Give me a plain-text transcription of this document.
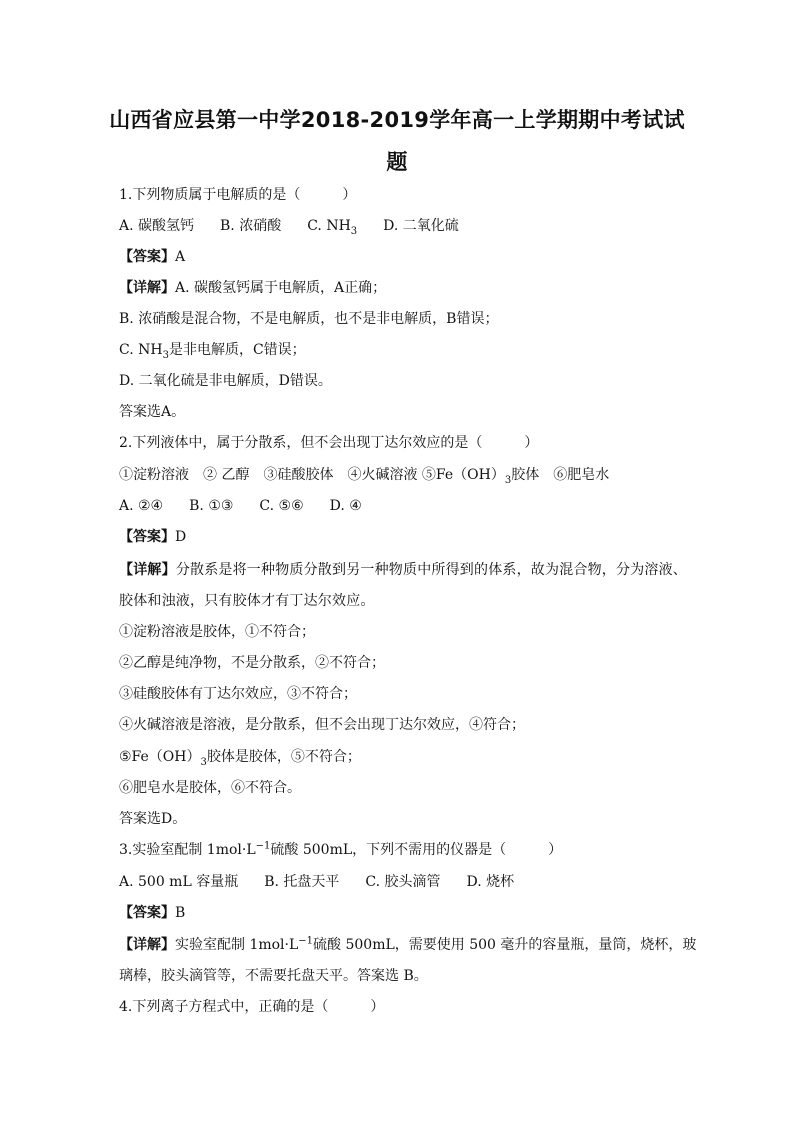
山西省应县第一中学2018-2019学年高一上学期期中考试试
题
1.下列物质属于电解质的是（　　　）
A. 碳酸氢钙 B. 浓硝酸 C. $NH_3$ D. 二氧化硫
【答案】A
【详解】A. 碳酸氢钙属于电解质，A正确；
B. 浓硝酸是混合物，不是电解质，也不是非电解质，B错误；
C. $NH_3$是非电解质，C错误；
D. 二氧化硫是非电解质，D错误。
答案选A。
2.下列液体中，属于分散系，但不会出现丁达尔效应的是（　　　）
①淀粉溶液　② 乙醇　③硅酸胶体　④火碱溶液 $⑤Fe(OH)_3$胶体　⑥肥皂水
A. ②④ B. ①③ C. ⑤⑥ D. ④
【答案】D
【详解】分散系是将一种物质分散到另一种物质中所得到的体系，故为混合物，分为溶液、
胶体和浊液，只有胶体才有丁达尔效应。
①淀粉溶液是胶体，①不符合；
②乙醇是纯净物，不是分散系，②不符合；
③硅酸胶体有丁达尔效应，③不符合；
④火碱溶液是溶液，是分散系，但不会出现丁达尔效应，④符合；
$⑤Fe(OH)_3$胶体是胶体，⑤不符合；
⑥肥皂水是胶体，⑥不符合。
答案选D。
3.实验室配制 $1mol\cdot L^{-1}$硫酸 500mL，下列不需用的仪器是（　　　）
A. 500 mL 容量瓶 B. 托盘天平 C. 胶头滴管 D. 烧杯
【答案】B
【详解】实验室配制 $1mol\cdot L^{-1}$硫酸 500mL，需要使用 500 毫升的容量瓶，量筒，烧杯，玻
璃棒，胶头滴管等，不需要托盘天平。答案选 B。
4.下列离子方程式中，正确的是（　　　）
